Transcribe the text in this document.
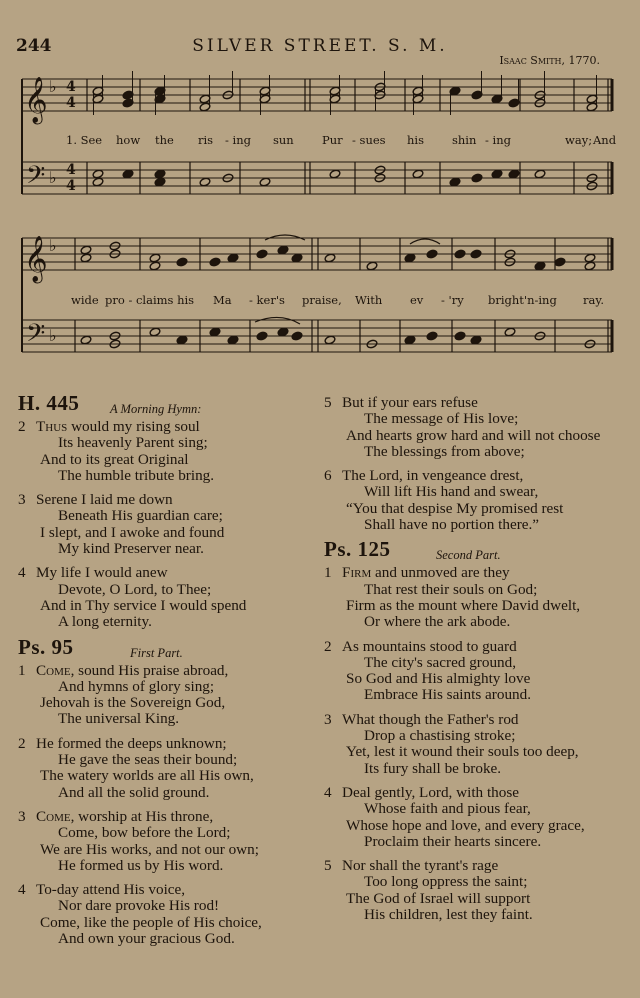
244	SILVER STREET. S. M.
Isaac Smith, 1770.
𝄞
𝄢
♭
♭
4
4
4
4
𝄞
𝄢
♭
♭
1. See how the ris - ing sun Pur - sues his shin - ing	way; And
wide pro - claims his Ma - ker's praise, With ev - 'ry bright'n-ing ray.
H. 445 A Morning Hymn:
2 Thus would my rising soul
Its heavenly Parent sing;
And to its great Original
The humble tribute bring.
3 Serene I laid me down
Beneath His guardian care;
I slept, and I awoke and found
My kind Preserver near.
4 My life I would anew
Devote, O Lord, to Thee;
And in Thy service I would spend
A long eternity.
Ps. 95	First Part.
1 Come, sound His praise abroad,
And hymns of glory sing;
Jehovah is the Sovereign God,
The universal King.
2 He formed the deeps unknown;
He gave the seas their bound;
The watery worlds are all His own,
And all the solid ground.
3 Come, worship at His throne,
Come, bow before the Lord;
We are His works, and not our own;
He formed us by His word.
4 To-day attend His voice,
Nor dare provoke His rod!
Come, like the people of His choice,
And own your gracious God.
5 But if your ears refuse
The message of His love;
And hearts grow hard and will not choose
The blessings from above;
6 The Lord, in vengeance drest,
Will lift His hand and swear,
“You that despise My promised rest
Shall have no portion there.”
Ps. 125	Second Part.
1 Firm and unmoved are they
That rest their souls on God;
Firm as the mount where David dwelt,
Or where the ark abode.
2 As mountains stood to guard
The city's sacred ground,
So God and His almighty love
Embrace His saints around.
3 What though the Father's rod
Drop a chastising stroke;
Yet, lest it wound their souls too deep,
Its fury shall be broke.
4 Deal gently, Lord, with those
Whose faith and pious fear,
Whose hope and love, and every grace,
Proclaim their hearts sincere.
5 Nor shall the tyrant's rage
Too long oppress the saint;
The God of Israel will support
His children, lest they faint.
